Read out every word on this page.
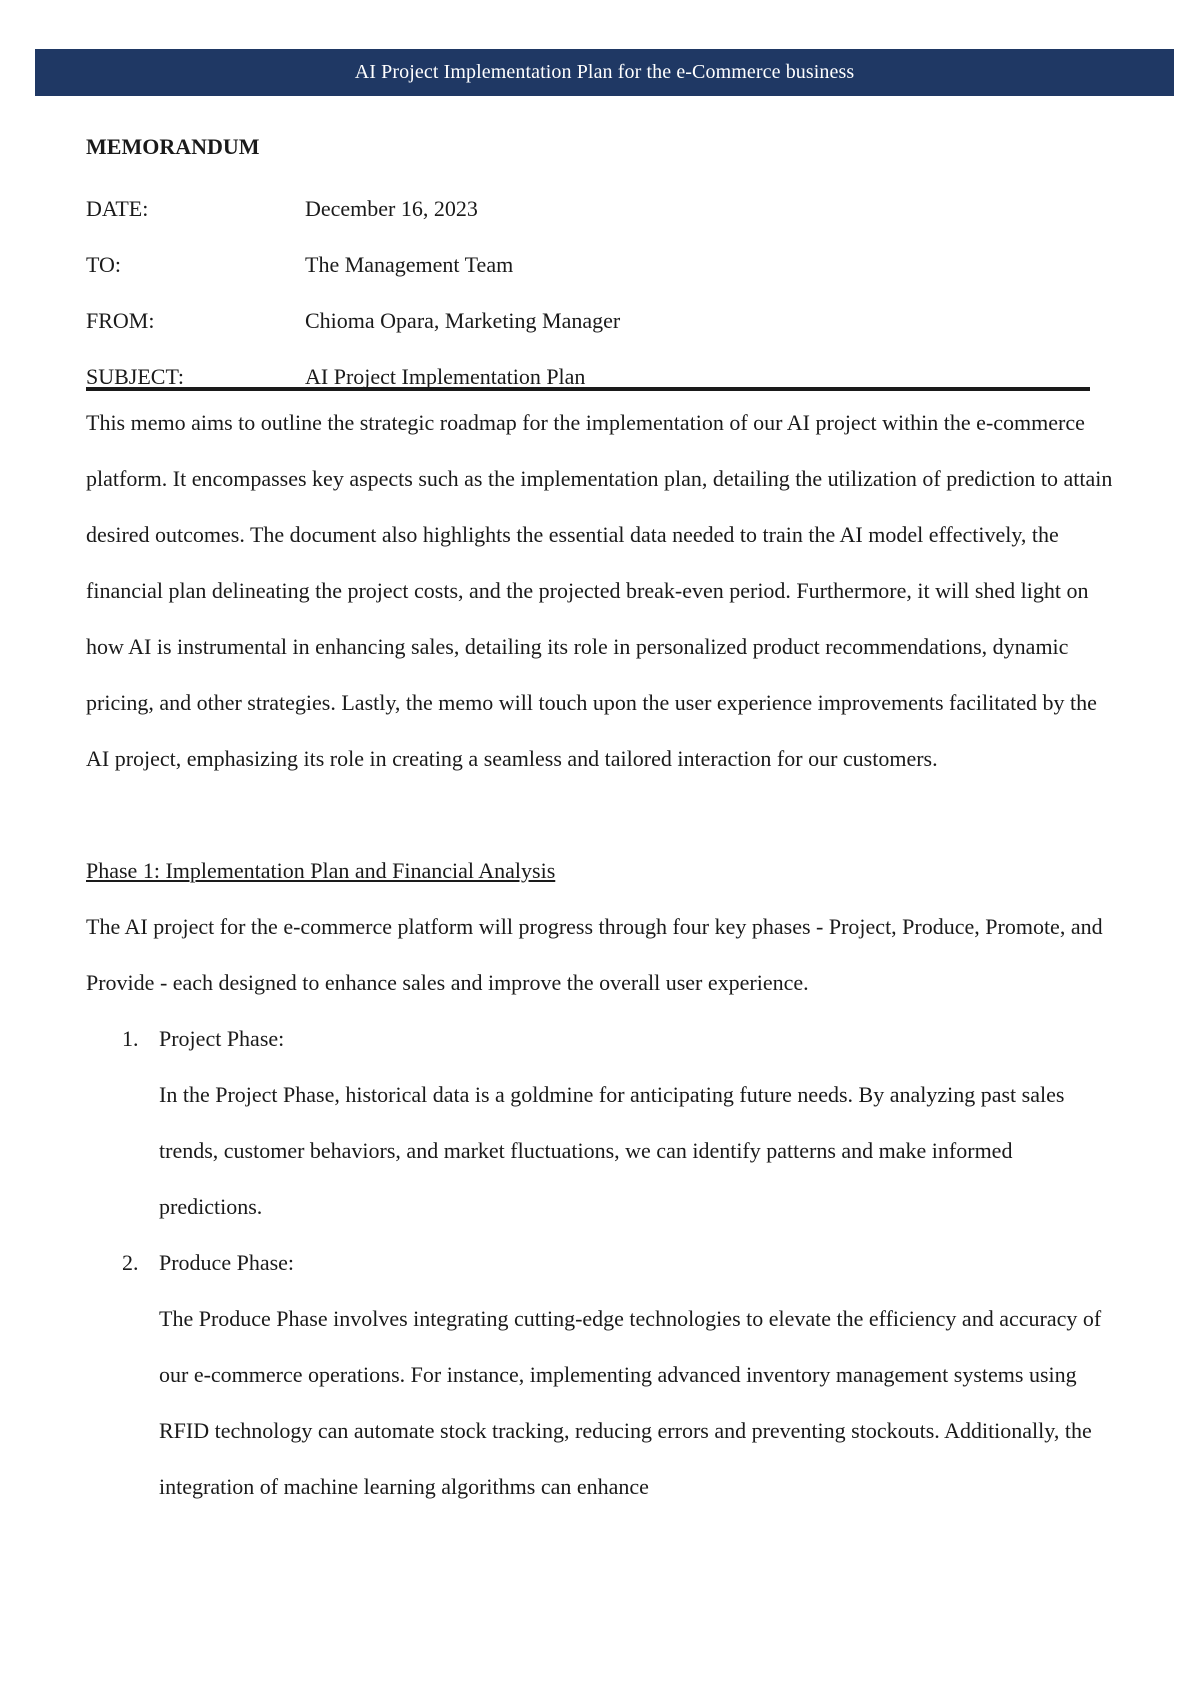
AI Project Implementation Plan for the e-Commerce business
MEMORANDUM
DATE:	December 16, 2023
TO:	The Management Team
FROM:	Chioma Opara, Marketing Manager
SUBJECT:	AI Project Implementation Plan

This memo aims to outline the strategic roadmap for the implementation of our AI project within the e-commerce platform. It encompasses key aspects such as the implementation plan, detailing the utilization of prediction to attain desired outcomes. The document also highlights the essential data needed to train the AI model effectively, the financial plan delineating the project costs, and the projected break-even period. Furthermore, it will shed light on how AI is instrumental in enhancing sales, detailing its role in personalized product recommendations, dynamic pricing, and other strategies. Lastly, the memo will touch upon the user experience improvements facilitated by the AI project, emphasizing its role in creating a seamless and tailored interaction for our customers.

Phase 1: Implementation Plan and Financial Analysis

The AI project for the e-commerce platform will progress through four key phases - Project, Produce, Promote, and Provide - each designed to enhance sales and improve the overall user experience.

1. Project Phase:

In the Project Phase, historical data is a goldmine for anticipating future needs. By analyzing past sales trends, customer behaviors, and market fluctuations, we can identify patterns and make informed predictions.

2. Produce Phase:

The Produce Phase involves integrating cutting-edge technologies to elevate the efficiency and accuracy of our e-commerce operations. For instance, implementing advanced inventory management systems using RFID technology can automate stock tracking, reducing errors and preventing stockouts. Additionally, the integration of machine learning algorithms can enhance
